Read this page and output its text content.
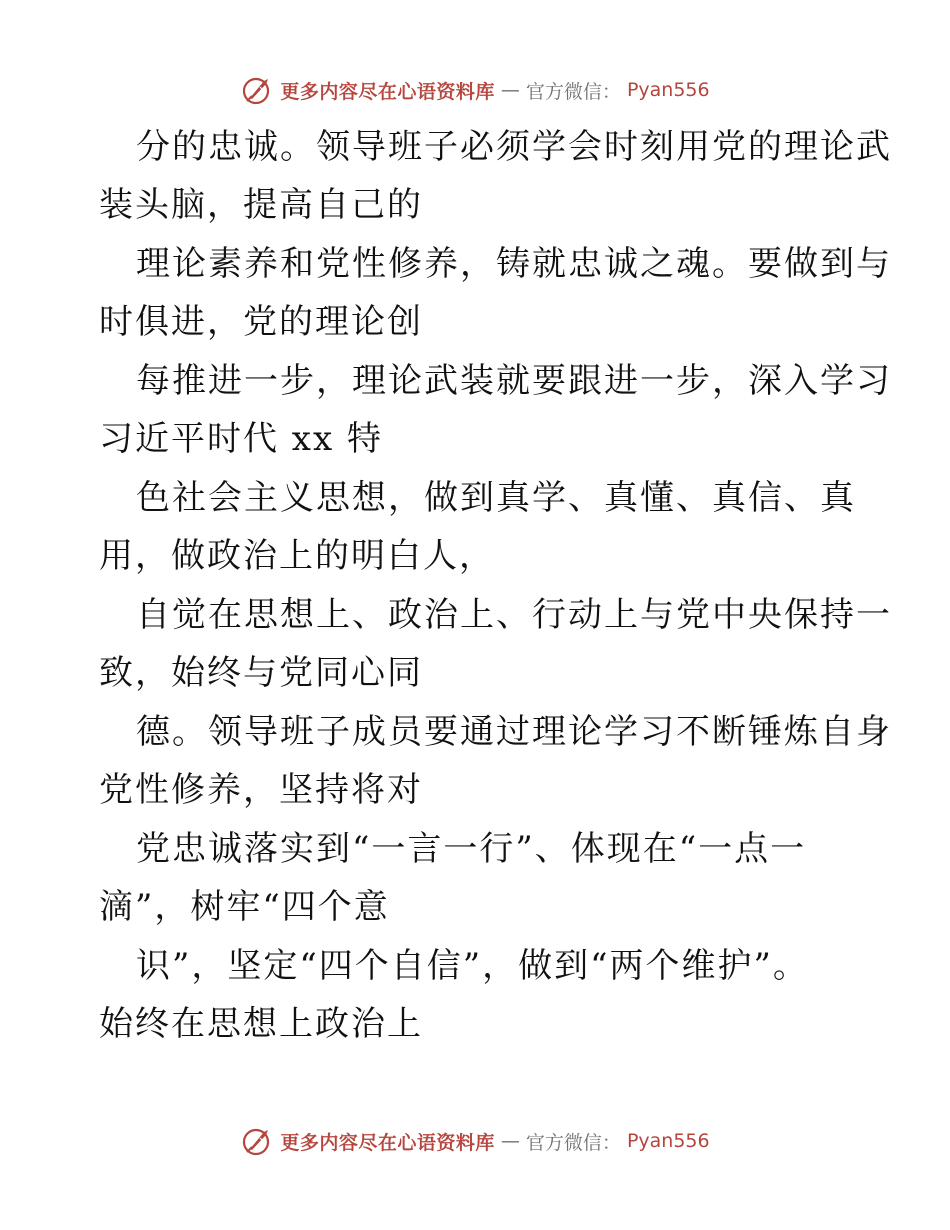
更多内容尽在心语资料库 — 官方微信： Pyan556
分的忠诚。领导班子必须学会时刻用党的理论武
装头脑，提高自己的
理论素养和党性修养，铸就忠诚之魂。要做到与
时俱进，党的理论创
每推进一步，理论武装就要跟进一步，深入学习
习近平时代 xx 特
色社会主义思想，做到真学、真懂、真信、真
用，做政治上的明白人，
自觉在思想上、政治上、行动上与党中央保持一
致，始终与党同心同
德。领导班子成员要通过理论学习不断锤炼自身
党性修养，坚持将对
党忠诚落实到“一言一行”、体现在“一点一
滴”，树牢“四个意
识”，坚定“四个自信”，做到“两个维护”。
始终在思想上政治上
更多内容尽在心语资料库 — 官方微信： Pyan556
